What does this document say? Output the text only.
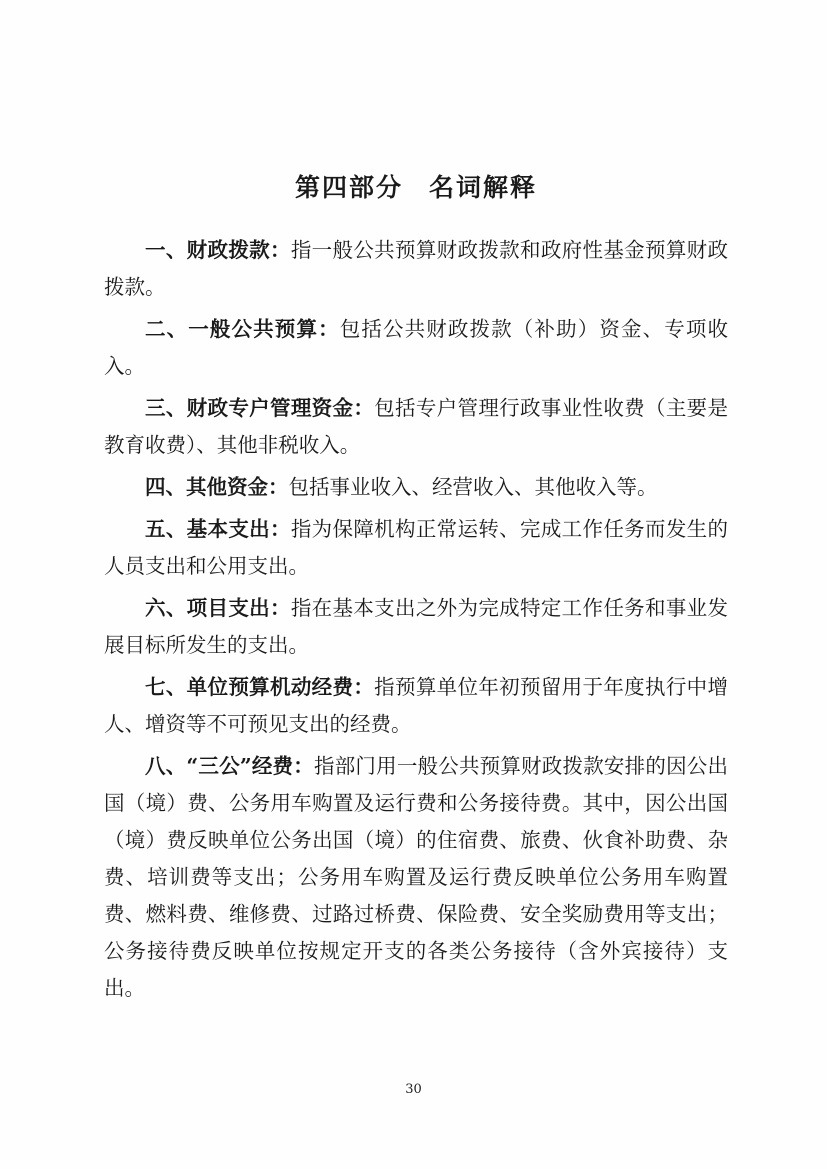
第四部分 名词解释

一、财政拨款：指一般公共预算财政拨款和政府性基金预算财政拨款。

二、一般公共预算：包括公共财政拨款（补助）资金、专项收入。

三、财政专户管理资金：包括专户管理行政事业性收费（主要是教育收费）、其他非税收入。

四、其他资金：包括事业收入、经营收入、其他收入等。

五、基本支出：指为保障机构正常运转、完成工作任务而发生的人员支出和公用支出。

六、项目支出：指在基本支出之外为完成特定工作任务和事业发展目标所发生的支出。

七、单位预算机动经费：指预算单位年初预留用于年度执行中增人、增资等不可预见支出的经费。

八、“三公”经费：指部门用一般公共预算财政拨款安排的因公出国（境）费、公务用车购置及运行费和公务接待费。其中，因公出国（境）费反映单位公务出国（境）的住宿费、旅费、伙食补助费、杂费、培训费等支出；公务用车购置及运行费反映单位公务用车购置费、燃料费、维修费、过路过桥费、保险费、安全奖励费用等支出；公务接待费反映单位按规定开支的各类公务接待（含外宾接待）支出。

30
